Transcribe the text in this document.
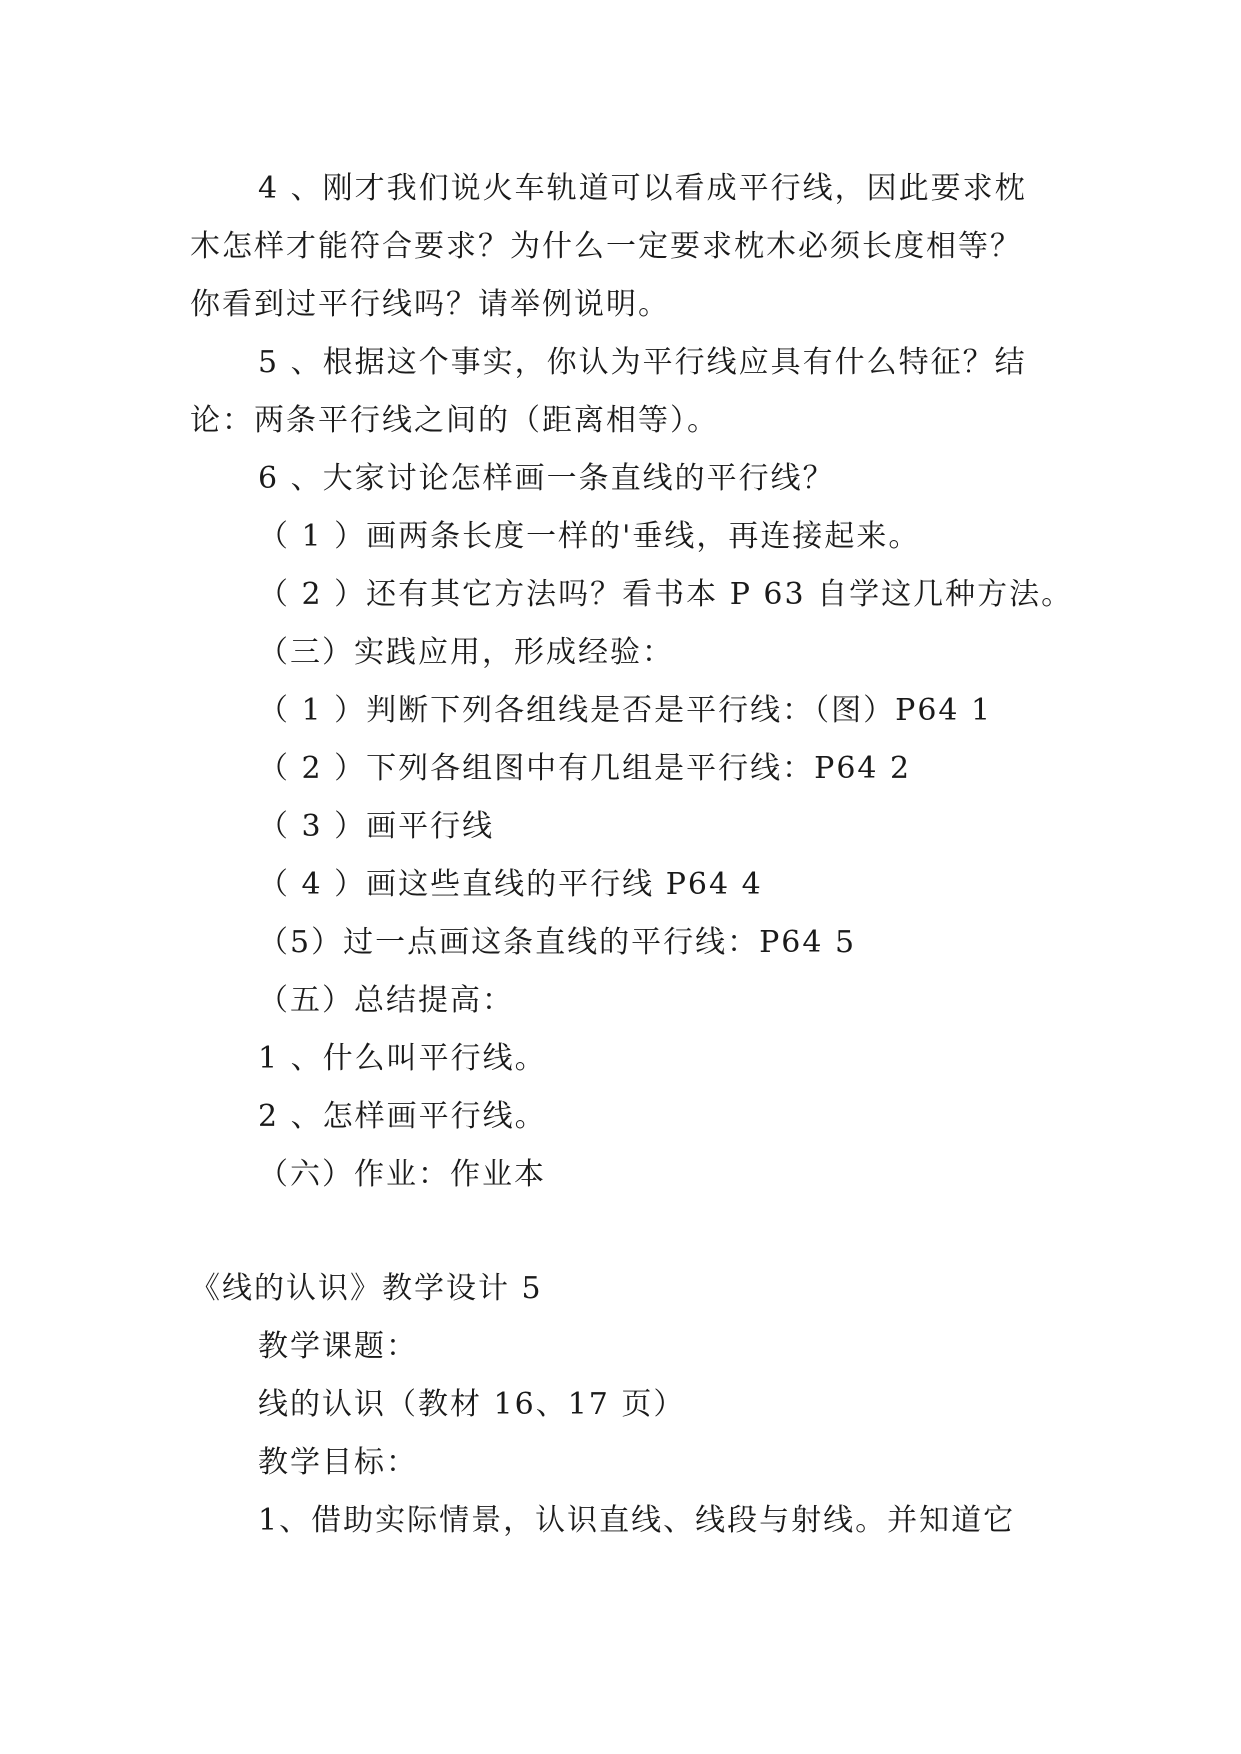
4 、刚才我们说火车轨道可以看成平行线，因此要求枕
木怎样才能符合要求？为什么一定要求枕木必须长度相等？
你看到过平行线吗？请举例说明。
5 、根据这个事实，你认为平行线应具有什么特征？结
论：两条平行线之间的（距离相等）。
6 、大家讨论怎样画一条直线的平行线？
（ 1 ）画两条长度一样的'垂线，再连接起来。
（ 2 ）还有其它方法吗？看书本 P 63 自学这几种方法。
（三）实践应用，形成经验：
（ 1 ）判断下列各组线是否是平行线：（图）P64 1
（ 2 ）下列各组图中有几组是平行线：P64 2
（ 3 ）画平行线
（ 4 ）画这些直线的平行线 P64 4
（5）过一点画这条直线的平行线：P64 5
（五）总结提高：
1 、什么叫平行线。
2 、怎样画平行线。
（六）作业：作业本
《线的认识》教学设计 5
教学课题：
线的认识（教材 16、17 页）
教学目标：
1、借助实际情景，认识直线、线段与射线。并知道它
